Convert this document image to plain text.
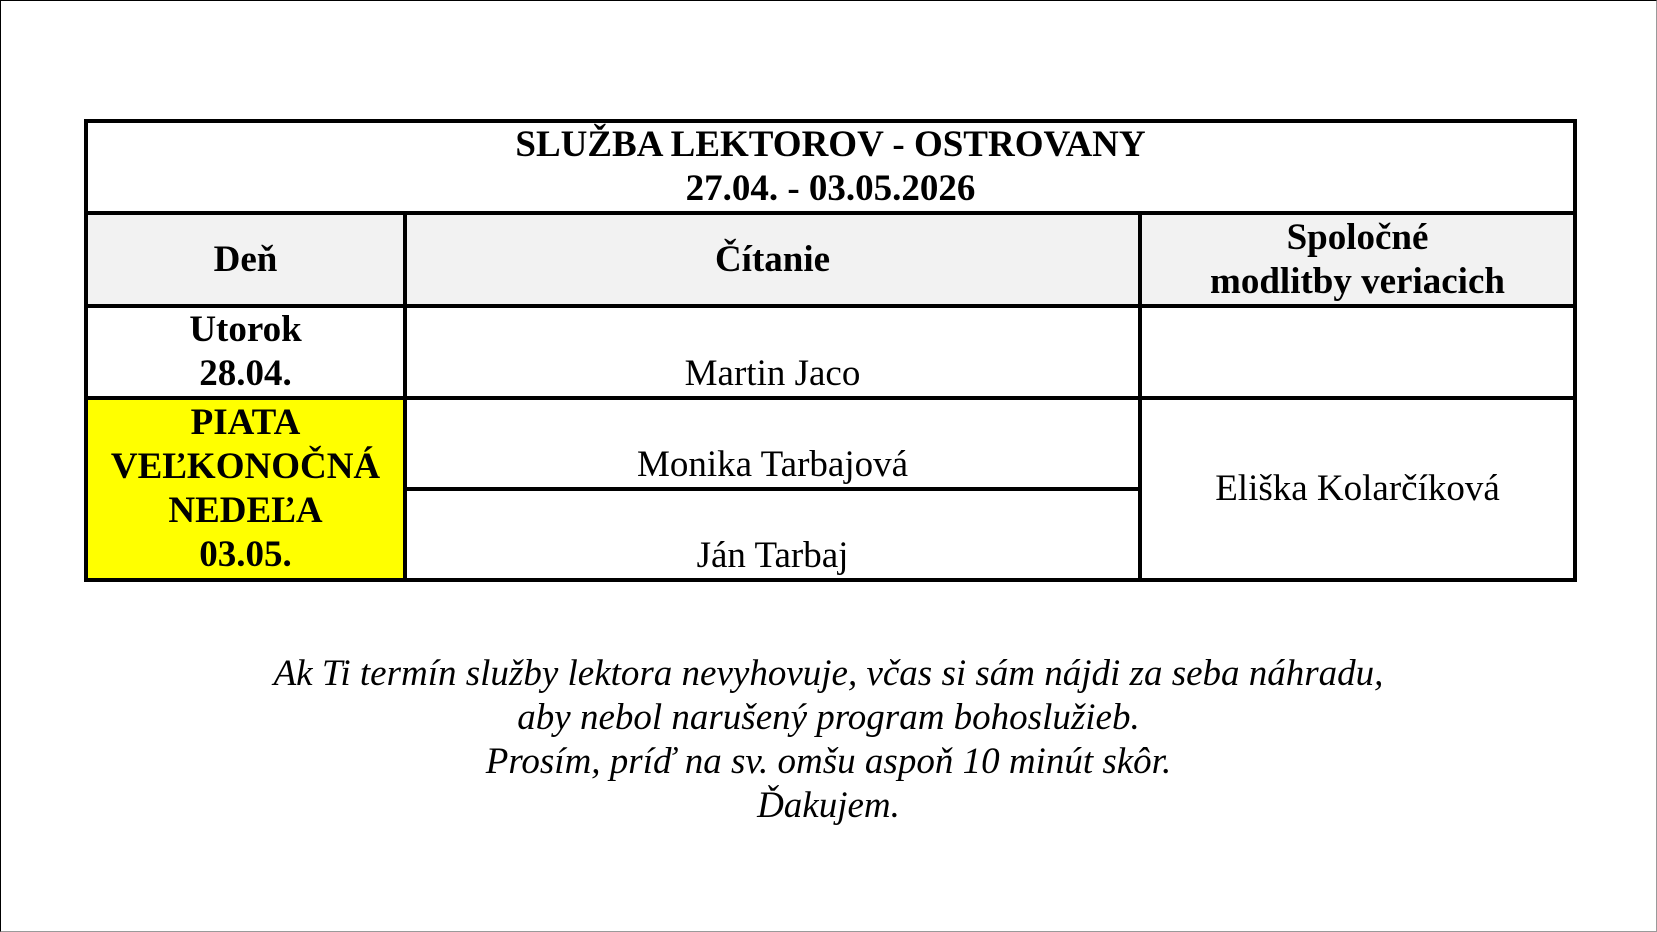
SLUŽBA LEKTOROV - OSTROVANY
27.04. - 03.05.2026		

Deň	Čítanie	Spoločné
modlitby veriacich

Utorok
28.04.	Martin Jaco	

PIATA
VEĽKONOČNÁ
NEDEĽA
03.05.	Monika Tarbajová	Eliška Kolarčíková
	Ján Tarbaj	
Ak Ti termín služby lektora nevyhovuje, včas si sám nájdi za seba náhradu,
aby nebol narušený program bohoslužieb.
Prosím, príď na sv. omšu aspoň 10 minút skôr.
Ďakujem.
